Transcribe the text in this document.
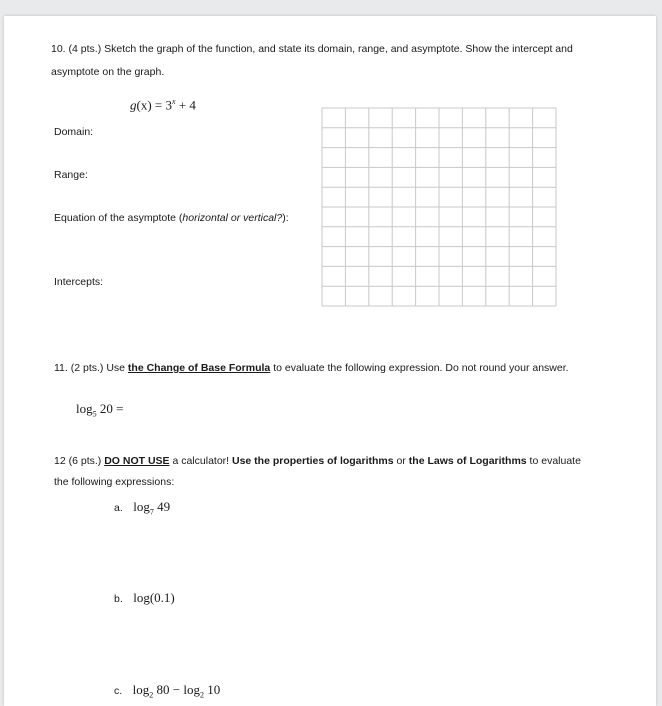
10. (4 pts.) Sketch the graph of the function, and state its domain, range, and asymptote. Show the intercept and
asymptote on the graph.
$g(x) = 3^x + 4$
Domain:
Range:
Equation of the asymptote (horizontal or vertical?):
Intercepts:
11. (2 pts.) Use the Change of Base Formula to evaluate the following expression. Do not round your answer.
$\log_5 20$ =
12 (6 pts.) DO NOT USE a calculator! Use the properties of logarithms or the Laws of Logarithms to evaluate
the following expressions:
a. $\log_7 49$
b. log(0.1)
c. $\log_2 80 - \log_2 10$
